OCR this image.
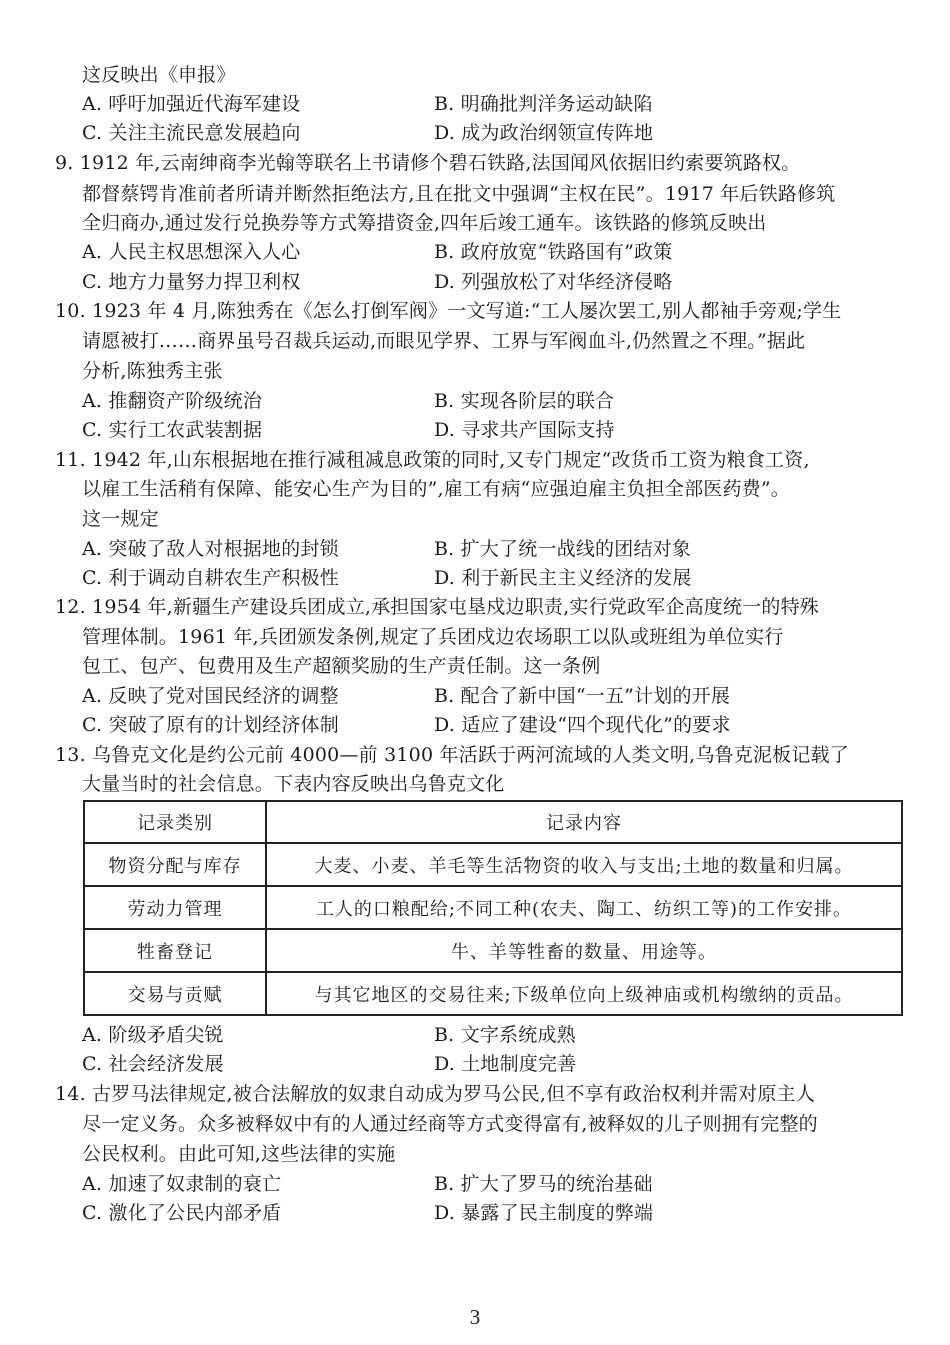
这反映出《申报》
A. 呼吁加强近代海军建设	B. 明确批判洋务运动缺陷
C. 关注主流民意发展趋向	D. 成为政治纲领宣传阵地
9. 1912 年,云南绅商李光翰等联名上书请修个碧石铁路,法国闻风依据旧约索要筑路权。
都督蔡锷肯准前者所请并断然拒绝法方,且在批文中强调“主权在民”。1917 年后铁路修筑
全归商办,通过发行兑换券等方式筹措资金,四年后竣工通车。该铁路的修筑反映出
A. 人民主权思想深入人心	B. 政府放宽“铁路国有”政策
C. 地方力量努力捍卫利权	D. 列强放松了对华经济侵略
10. 1923 年 4 月,陈独秀在《怎么打倒军阀》一文写道:“工人屡次罢工,别人都袖手旁观;学生
请愿被打……商界虽号召裁兵运动,而眼见学界、工界与军阀血斗,仍然置之不理。”据此
分析,陈独秀主张
A. 推翻资产阶级统治	B. 实现各阶层的联合
C. 实行工农武装割据	D. 寻求共产国际支持
11. 1942 年,山东根据地在推行减租减息政策的同时,又专门规定“改货币工资为粮食工资,
以雇工生活稍有保障、能安心生产为目的”,雇工有病“应强迫雇主负担全部医药费”。
这一规定
A. 突破了敌人对根据地的封锁	B. 扩大了统一战线的团结对象
C. 利于调动自耕农生产积极性	D. 利于新民主主义经济的发展
12. 1954 年,新疆生产建设兵团成立,承担国家屯垦戍边职责,实行党政军企高度统一的特殊
管理体制。1961 年,兵团颁发条例,规定了兵团戍边农场职工以队或班组为单位实行
包工、包产、包费用及生产超额奖励的生产责任制。这一条例
A. 反映了党对国民经济的调整	B. 配合了新中国“一五”计划的开展
C. 突破了原有的计划经济体制	D. 适应了建设“四个现代化”的要求
13. 乌鲁克文化是约公元前 4000—前 3100 年活跃于两河流域的人类文明,乌鲁克泥板记载了
大量当时的社会信息。下表内容反映出乌鲁克文化
记录类别	记录内容
物资分配与库存	大麦、小麦、羊毛等生活物资的收入与支出;土地的数量和归属。
劳动力管理	工人的口粮配给;不同工种(农夫、陶工、纺织工等)的工作安排。
牲畜登记	牛、羊等牲畜的数量、用途等。
交易与贡赋	与其它地区的交易往来;下级单位向上级神庙或机构缴纳的贡品。
A. 阶级矛盾尖锐	B. 文字系统成熟
C. 社会经济发展	D. 土地制度完善
14. 古罗马法律规定,被合法解放的奴隶自动成为罗马公民,但不享有政治权利并需对原主人
尽一定义务。众多被释奴中有的人通过经商等方式变得富有,被释奴的儿子则拥有完整的
公民权利。由此可知,这些法律的实施
A. 加速了奴隶制的衰亡	B. 扩大了罗马的统治基础
C. 激化了公民内部矛盾	D. 暴露了民主制度的弊端
3
